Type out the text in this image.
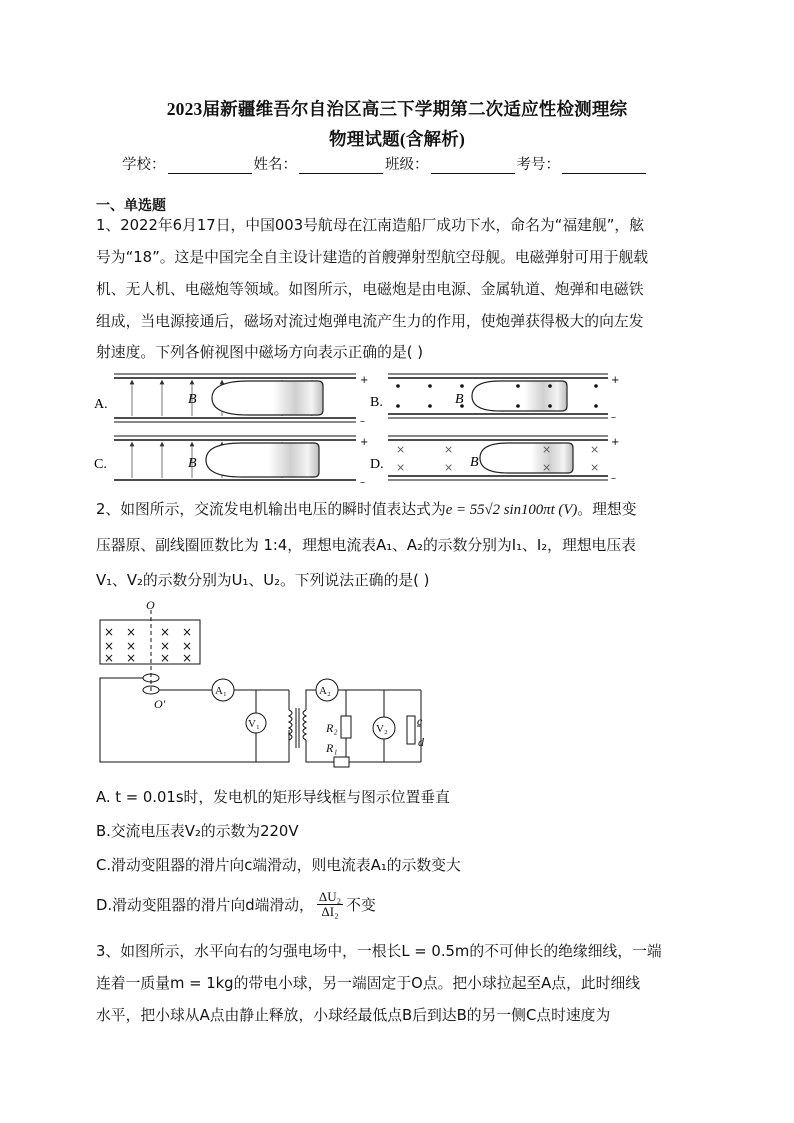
2023届新疆维吾尔自治区高三下学期第二次适应性检测理综
物理试题(含解析)
学校：	姓名：	班级：	考号：
一、单选题
1、2022年6月17日，中国003号航母在江南造船厂成功下水，命名为“福建舰”，舷
号为“18”。这是中国完全自主设计建造的首艘弹射型航空母舰。电磁弹射可用于舰载
机、无人机、电磁炮等领域。如图所示，电磁炮是由电源、金属轨道、炮弹和电磁铁
组成，当电源接通后，磁场对流过炮弹电流产生力的作用，使炮弹获得极大的向左发
射速度。下列各俯视图中磁场方向表示正确的是( )
A.	B	B.
+
–
B
C.	B	D.
+
–
×	×	×	×
×	×	×	×
B
+
–
+
–
2、如图所示，交流发电机输出电压的瞬时值表达式为e = 55√2 sin100πt (V)。理想变
压器原、副线圈匝数比为 1:4，理想电流表A₁、A₂的示数分别为I₁、I₂，理想电压表
V₁、V₂的示数分别为U₁、U₂。下列说法正确的是( )
O
O′
A₁	A₂
V₁	V₂
R₂
R₁
c
d
× × × ×
× × × ×
× × × ×
A. t = 0.01s时，发电机的矩形导线框与图示位置垂直
B.交流电压表V₂的示数为220V
C.滑动变阻器的滑片向c端滑动，则电流表A₁的示数变大
D.滑动变阻器的滑片向d端滑动，
ΔU₂
ΔI₂ 不变
3、如图所示，水平向右的匀强电场中，一根长L = 0.5m的不可伸长的绝缘细线，一端
连着一质量m = 1kg的带电小球，另一端固定于O点。把小球拉起至A点，此时细线
水平，把小球从A点由静止释放，小球经最低点B后到达B的另一侧C点时速度为
